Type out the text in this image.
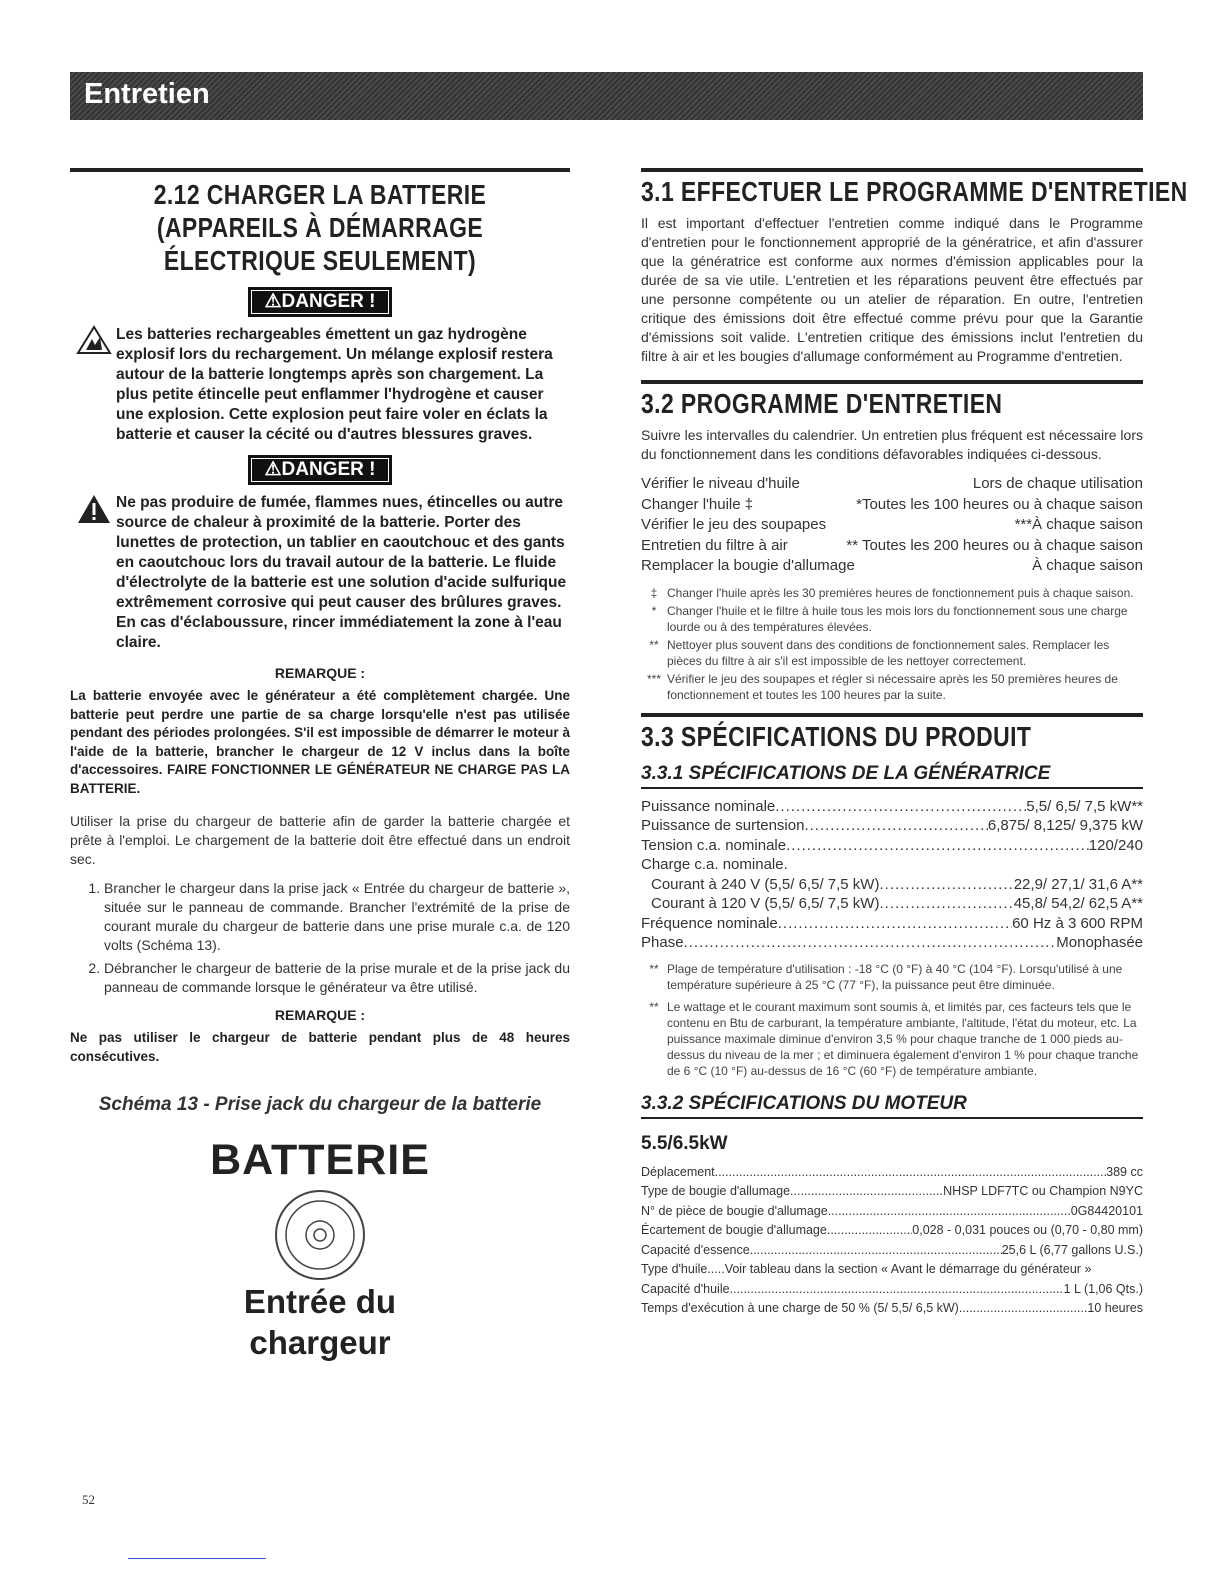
Entretien
2.12 CHARGER LA BATTERIE (APPAREILS À DÉMARRAGE ÉLECTRIQUE SEULEMENT)
⚠DANGER !

Les batteries rechargeables émettent un gaz hydrogène explosif lors du rechargement. Un mélange explosif restera autour de la batterie longtemps après son chargement. La plus petite étincelle peut enflammer l'hydrogène et causer une explosion. Cette explosion peut faire voler en éclats la batterie et causer la cécité ou d'autres blessures graves.

⚠DANGER !

Ne pas produire de fumée, flammes nues, étincelles ou autre source de chaleur à proximité de la batterie. Porter des lunettes de protection, un tablier en caoutchouc et des gants en caoutchouc lors du travail autour de la batterie. Le fluide d'électrolyte de la batterie est une solution d'acide sulfurique extrêmement corrosive qui peut causer des brûlures graves. En cas d'éclaboussure, rincer immédiatement la zone à l'eau claire.

REMARQUE :

La batterie envoyée avec le générateur a été complètement chargée. Une batterie peut perdre une partie de sa charge lorsqu'elle n'est pas utilisée pendant des périodes prolongées. S'il est impossible de démarrer le moteur à l'aide de la batterie, brancher le chargeur de 12 V inclus dans la boîte d'accessoires. FAIRE FONCTIONNER LE GÉNÉRATEUR NE CHARGE PAS LA BATTERIE.

Utiliser la prise du chargeur de batterie afin de garder la batterie chargée et prête à l'emploi. Le chargement de la batterie doit être effectué dans un endroit sec.

1. Brancher le chargeur dans la prise jack « Entrée du chargeur de batterie », située sur le panneau de commande. Brancher l'extrémité de la prise de courant murale du chargeur de batterie dans une prise murale c.a. de 120 volts (Schéma 13).
2. Débrancher le chargeur de batterie de la prise murale et de la prise jack du panneau de commande lorsque le générateur va être utilisé.
REMARQUE :

Ne pas utiliser le chargeur de batterie pendant plus de 48 heures consécutives.

Schéma 13 - Prise jack du chargeur de la batterie
BATTERIE
Entrée du
chargeur
3.1 EFFECTUER LE PROGRAMME D'ENTRETIEN

Il est important d'effectuer l'entretien comme indiqué dans le Programme d'entretien pour le fonctionnement approprié de la génératrice, et afin d'assurer que la génératrice est conforme aux normes d'émission applicables pour la durée de sa vie utile. L'entretien et les réparations peuvent être effectués par une personne compétente ou un atelier de réparation. En outre, l'entretien critique des émissions doit être effectué comme prévu pour que la Garantie d'émissions soit valide. L'entretien critique des émissions inclut l'entretien du filtre à air et les bougies d'allumage conformément au Programme d'entretien.

3.2 PROGRAMME D'ENTRETIEN

Suivre les intervalles du calendrier. Un entretien plus fréquent est nécessaire lors du fonctionnement dans les conditions défavorables indiquées ci-dessous.

Vérifier le niveau d'huile	Lors de chaque utilisation
Changer l'huile ‡	*Toutes les 100 heures ou à chaque saison
Vérifier le jeu des soupapes	***À chaque saison
Entretien du filtre à air	** Toutes les 200 heures ou à chaque saison
Remplacer la bougie d'allumage	À chaque saison
‡ Changer l'huile après les 30 premières heures de fonctionnement puis à chaque saison.
* Changer l'huile et le filtre à huile tous les mois lors du fonctionnement sous une charge lourde ou à des températures élevées.
** Nettoyer plus souvent dans des conditions de fonctionnement sales. Remplacer les pièces du filtre à air s'il est impossible de les nettoyer correctement.
*** Vérifier le jeu des soupapes et régler si nécessaire après les 50 premières heures de fonctionnement et toutes les 100 heures par la suite.
3.3 SPÉCIFICATIONS DU PRODUIT
3.3.1 SPÉCIFICATIONS DE LA GÉNÉRATRICE
Puissance nominale .....	5,5/ 6,5/ 7,5 kW**
Puissance de surtension .....	6,875/ 8,125/ 9,375 kW
Tension c.a. nominale .....	120/240
Charge c.a. nominale.
Courant à 240 V (5,5/ 6,5/ 7,5 kW) .....	22,9/ 27,1/ 31,6 A**
Courant à 120 V (5,5/ 6,5/ 7,5 kW) .....	45,8/ 54,2/ 62,5 A**
Fréquence nominale .....	60 Hz à 3 600 RPM
Phase .....	Monophasée
** Plage de température d'utilisation : -18 °C (0 °F) à 40 °C (104 °F). Lorsqu'utilisé à une température supérieure à 25 °C (77 °F), la puissance peut être diminuée.
** Le wattage et le courant maximum sont soumis à, et limités par, ces facteurs tels que le contenu en Btu de carburant, la température ambiante, l'altitude, l'état du moteur, etc. La puissance maximale diminue d'environ 3,5 % pour chaque tranche de 1 000 pieds au-dessus du niveau de la mer ; et diminuera également d'environ 1 % pour chaque tranche de 6 °C (10 °F) au-dessus de 16 °C (60 °F) de température ambiante.
3.3.2 SPÉCIFICATIONS DU MOTEUR
5.5/6.5kW
Déplacement .....	389 cc
Type de bougie d'allumage .....	NHSP LDF7TC ou Champion N9YC
N° de pièce de bougie d'allumage .....	0G84420101
Écartement de bougie d'allumage .....	0,028 - 0,031 pouces ou (0,70 - 0,80 mm)
Capacité d'essence .....	25,6 L (6,77 gallons U.S.)
Type d'huile ..... Voir tableau dans la section « Avant le démarrage du générateur »
Capacité d'huile .....	1 L (1,06 Qts.)
Temps d'exécution à une charge de 50 % (5/ 5,5/ 6,5 kW) .....	10 heures
52
